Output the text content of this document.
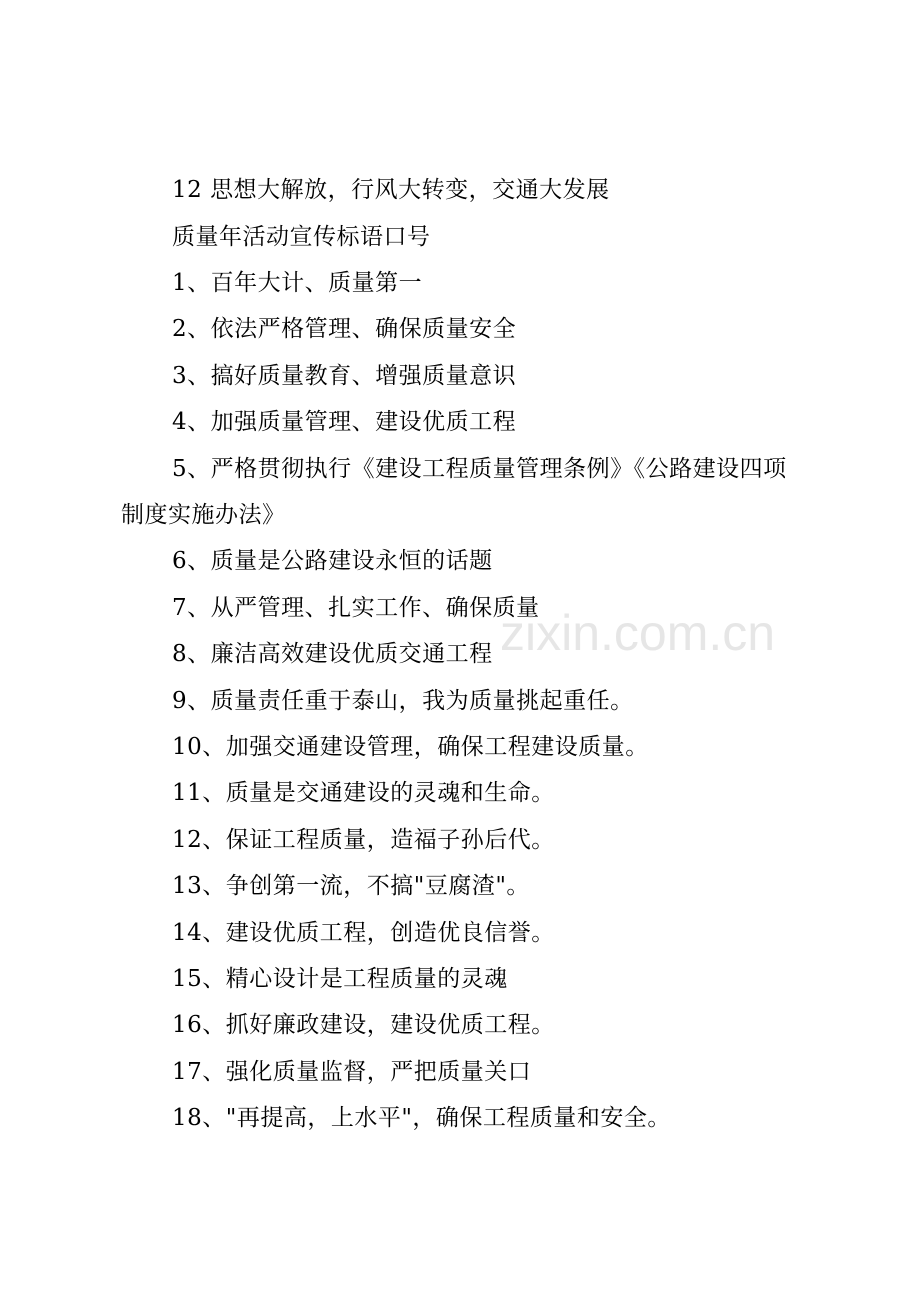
12 思想大解放，行风大转变，交通大发展
质量年活动宣传标语口号
1、百年大计、质量第一
2、依法严格管理、确保质量安全
3、搞好质量教育、增强质量意识
4、加强质量管理、建设优质工程
5、严格贯彻执行《建设工程质量管理条例》《公路建设四项
制度实施办法》
6、质量是公路建设永恒的话题
7、从严管理、扎实工作、确保质量
8、廉洁高效建设优质交通工程
9、质量责任重于泰山，我为质量挑起重任。
10、加强交通建设管理，确保工程建设质量。
11、质量是交通建设的灵魂和生命。
12、保证工程质量，造福子孙后代。
13、争创第一流，不搞"豆腐渣"。
14、建设优质工程，创造优良信誉。
15、精心设计是工程质量的灵魂
16、抓好廉政建设，建设优质工程。
17、强化质量监督，严把质量关口
18、"再提高，上水平"，确保工程质量和安全。
zixin.com.cn
